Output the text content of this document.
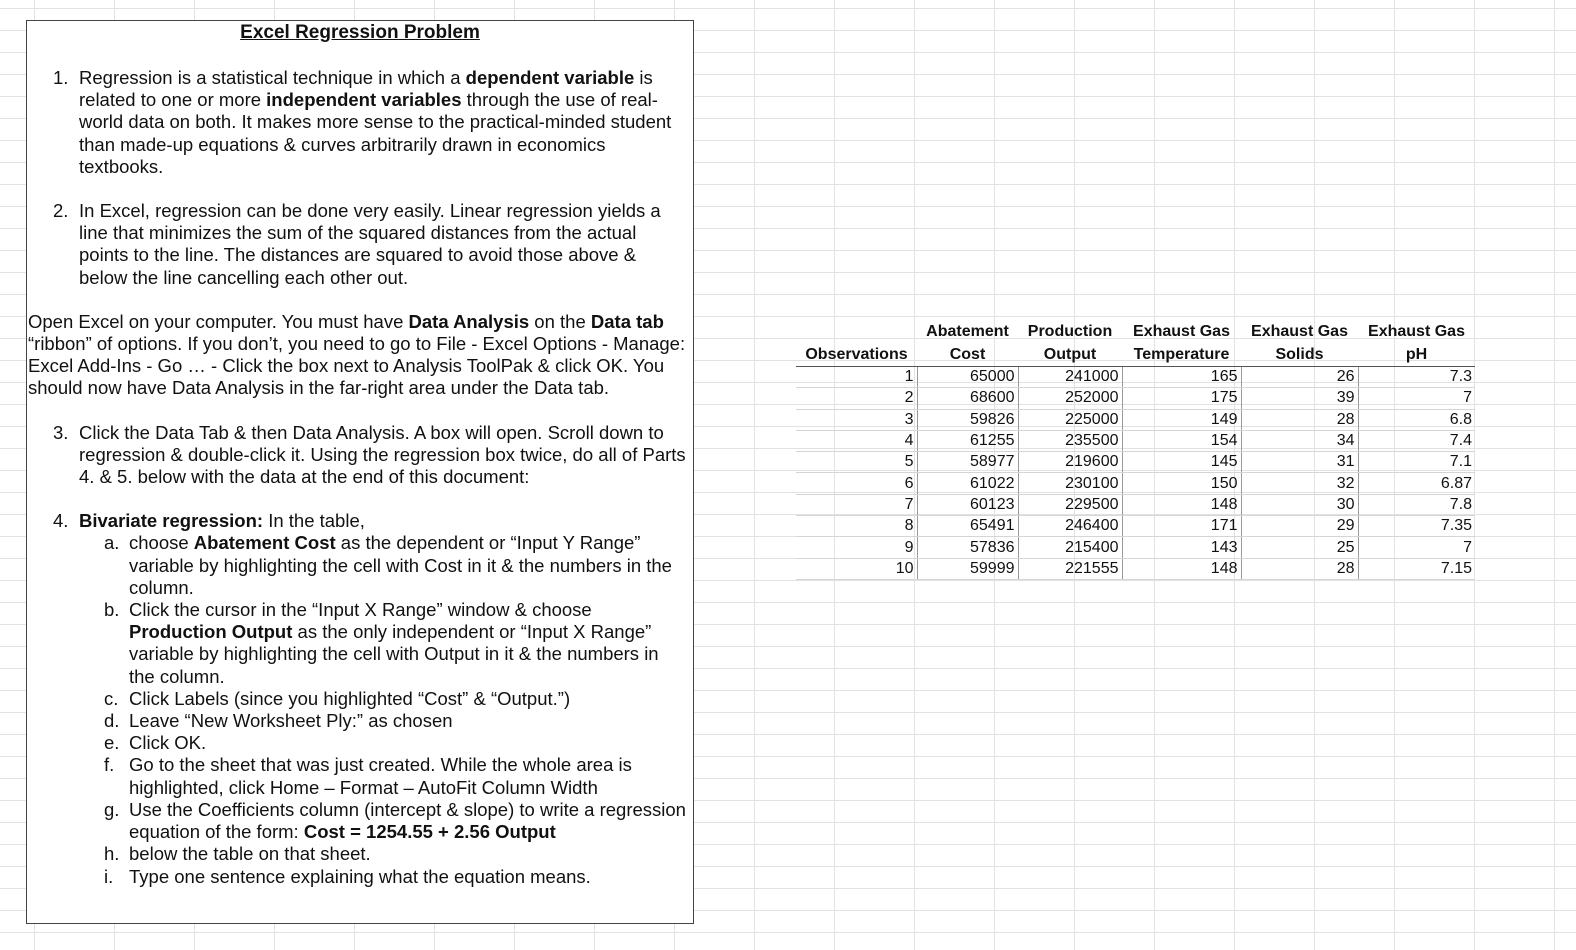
Excel Regression Problem
1. Regression is a statistical technique in which a dependent variable is related to one or more independent variables through the use of real-world data on both. It makes more sense to the practical-minded student than made-up equations & curves arbitrarily drawn in economics textbooks.
2. In Excel, regression can be done very easily. Linear regression yields a line that minimizes the sum of the squared distances from the actual points to the line. The distances are squared to avoid those above & below the line cancelling each other out.
Open Excel on your computer. You must have Data Analysis on the Data tab “ribbon” of options. If you don’t, you need to go to File - Excel Options - Manage: Excel Add-Ins - Go … - Click the box next to Analysis ToolPak & click OK. You should now have Data Analysis in the far-right area under the Data tab.
3. Click the Data Tab & then Data Analysis. A box will open. Scroll down to regression & double-click it. Using the regression box twice, do all of Parts 4. & 5. below with the data at the end of this document:
4. Bivariate regression: In the table,
a. choose Abatement Cost as the dependent or “Input Y Range” variable by highlighting the cell with Cost in it & the numbers in the column.
b. Click the cursor in the “Input X Range” window & choose Production Output as the only independent or “Input X Range” variable by highlighting the cell with Output in it & the numbers in the column.
c. Click Labels (since you highlighted “Cost” & “Output.”)
d. Leave “New Worksheet Ply:” as chosen
e. Click OK.
f. Go to the sheet that was just created. While the whole area is highlighted, click Home – Format – AutoFit Column Width
g. Use the Coefficients column (intercept & slope) to write a regression equation of the form: Cost = 1254.55 + 2.56 Output
h. below the table on that sheet.
i. Type one sentence explaining what the equation means.
	Abatement	Production	Exhaust Gas	Exhaust Gas	Exhaust Gas
Observations	Cost	Output	Temperature	Solids	pH
1	65000	241000	165	26	7.3
2	68600	252000	175	39	7
3	59826	225000	149	28	6.8
4	61255	235500	154	34	7.4
5	58977	219600	145	31	7.1
6	61022	230100	150	32	6.87
7	60123	229500	148	30	7.8
8	65491	246400	171	29	7.35
9	57836	215400	143	25	7
10	59999	221555	148	28	7.15
